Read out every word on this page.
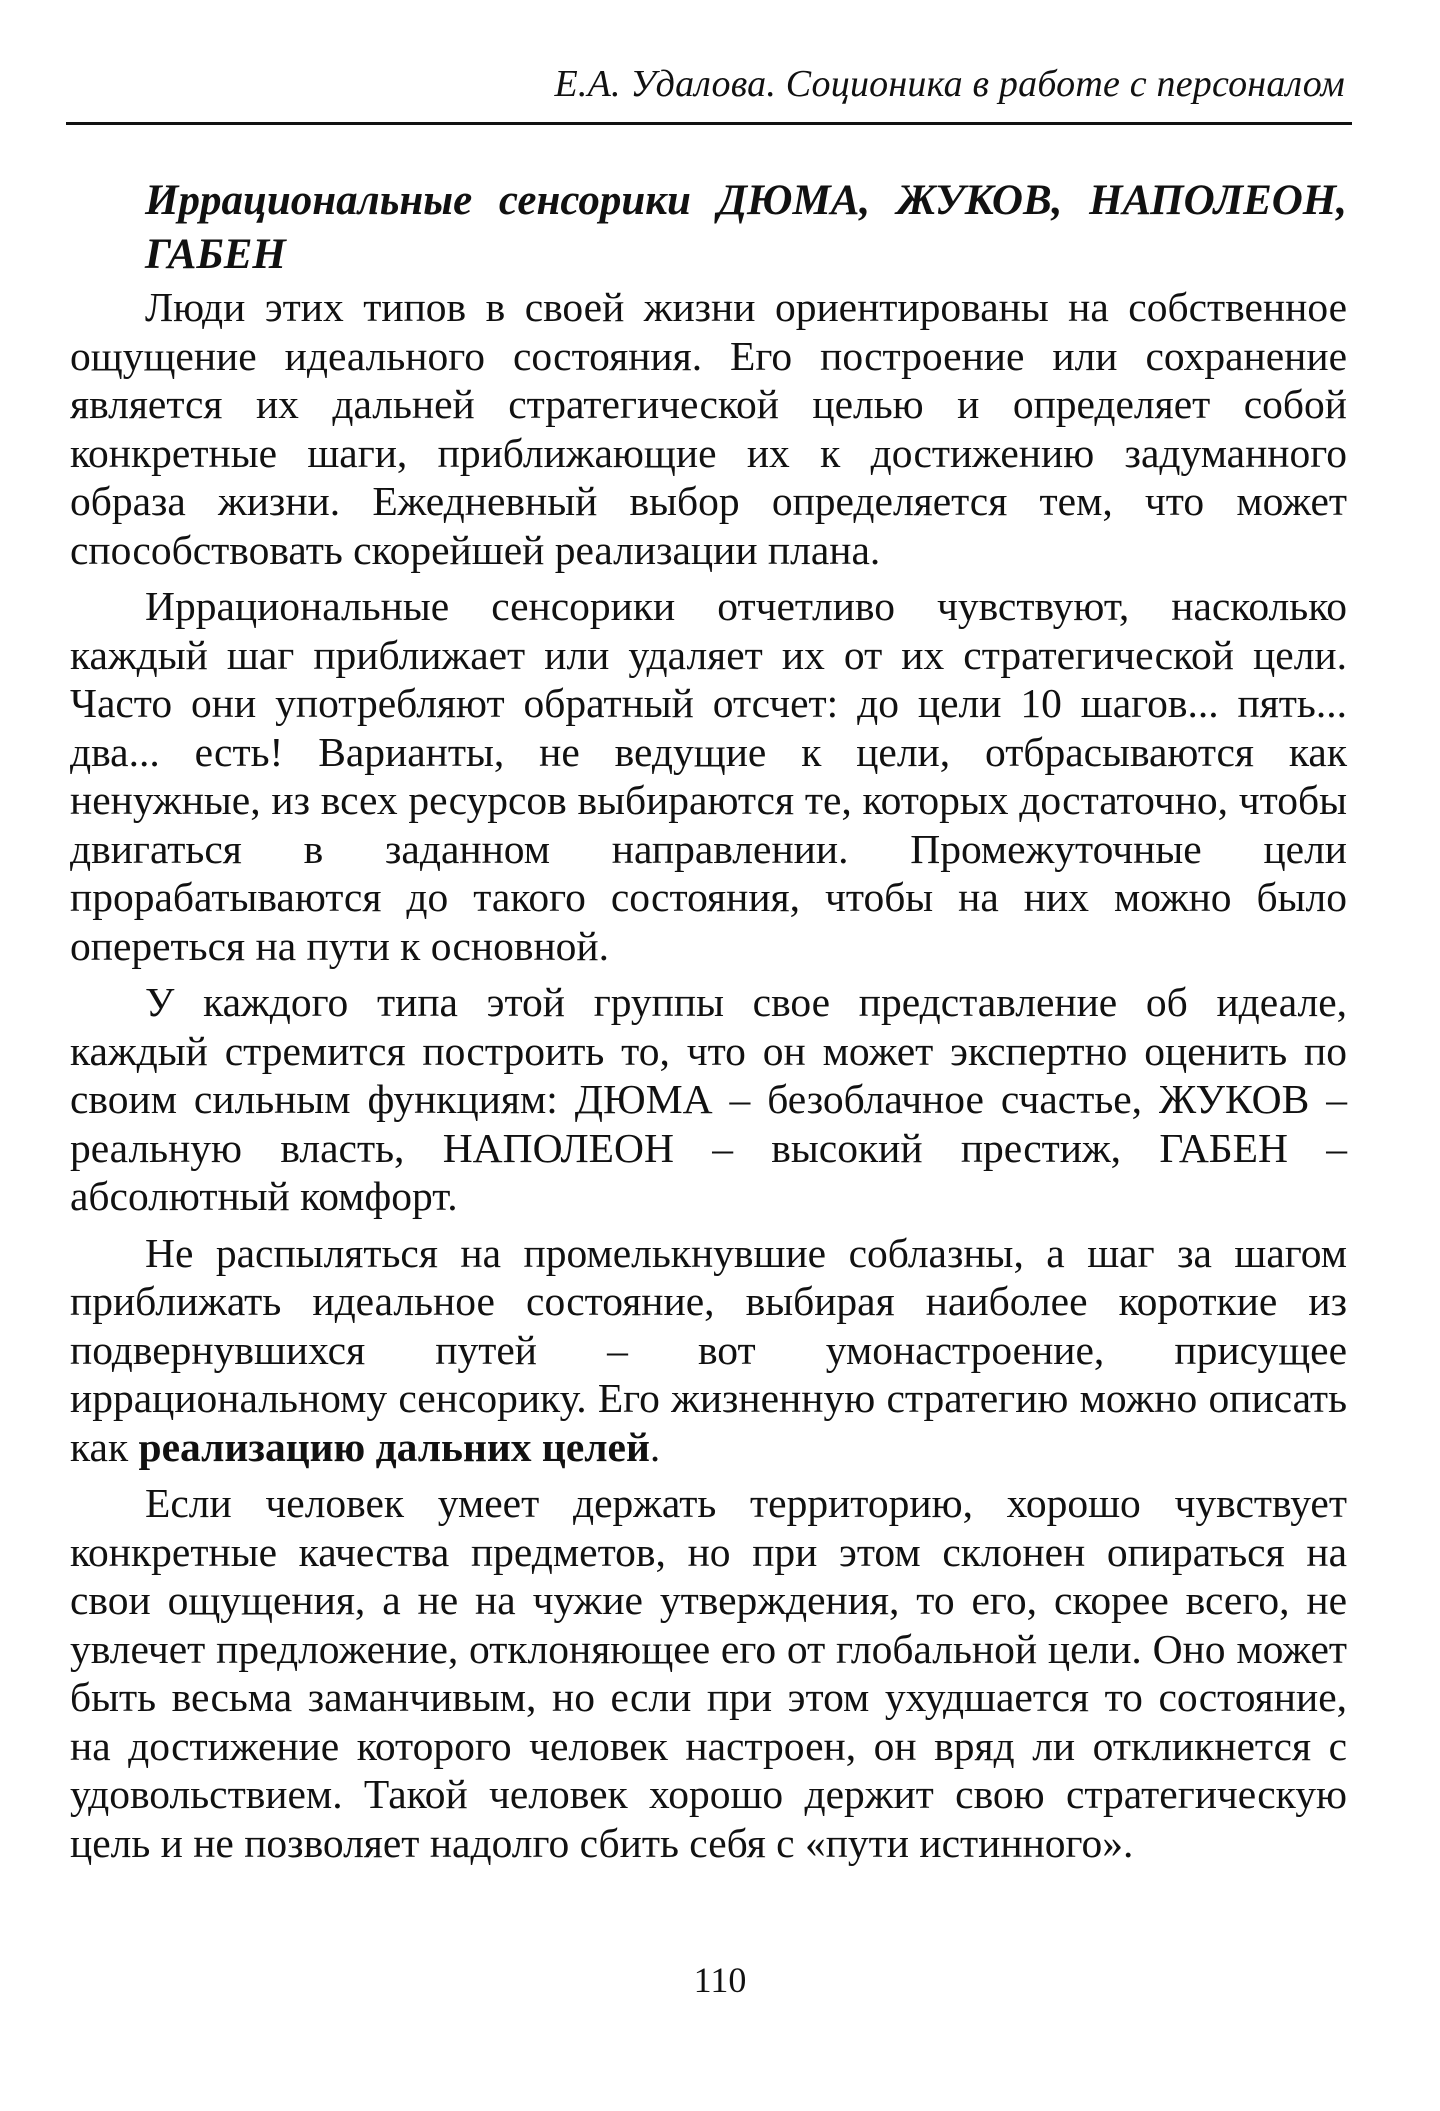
Е.А. Удалова. Соционика в работе с персоналом
Иррациональные сенсорики ДЮМА, ЖУКОВ, НАПОЛЕОН, ГАБЕН

Люди этих типов в своей жизни ориентированы на собственное ощущение идеального состояния. Его построение или сохранение является их дальней стратегической целью и определяет собой конкретные шаги, приближающие их к достижению задуманного образа жизни. Ежедневный выбор определяется тем, что может способствовать скорейшей реализации плана.

Иррациональные сенсорики отчетливо чувствуют, насколько каждый шаг приближает или удаляет их от их стратегической цели. Часто они употребляют обратный отсчет: до цели 10 шагов... пять... два... есть! Варианты, не ведущие к цели, отбрасываются как ненужные, из всех ресурсов выбираются те, которых достаточно, чтобы двигаться в заданном направлении. Промежуточные цели прорабатываются до такого состояния, чтобы на них можно было опереться на пути к основной.

У каждого типа этой группы свое представление об идеале, каждый стремится построить то, что он может экспертно оценить по своим сильным функциям: ДЮМА – безоблачное счастье, ЖУКОВ – реальную власть, НАПОЛЕОН – высокий престиж, ГАБЕН – абсолютный комфорт.

Не распыляться на промелькнувшие соблазны, а шаг за шагом приближать идеальное состояние, выбирая наиболее короткие из подвернувшихся путей – вот умонастроение, присущее иррациональному сенсорику. Его жизненную стратегию можно описать как реализацию дальних целей.

Если человек умеет держать территорию, хорошо чувствует конкретные качества предметов, но при этом склонен опираться на свои ощущения, а не на чужие утверждения, то его, скорее всего, не увлечет предложение, отклоняющее его от глобальной цели. Оно может быть весьма заманчивым, но если при этом ухудшается то состояние, на достижение которого человек настроен, он вряд ли откликнется с удовольствием. Такой человек хорошо держит свою стратегическую цель и не позволяет надолго сбить себя с «пути истинного».

110
